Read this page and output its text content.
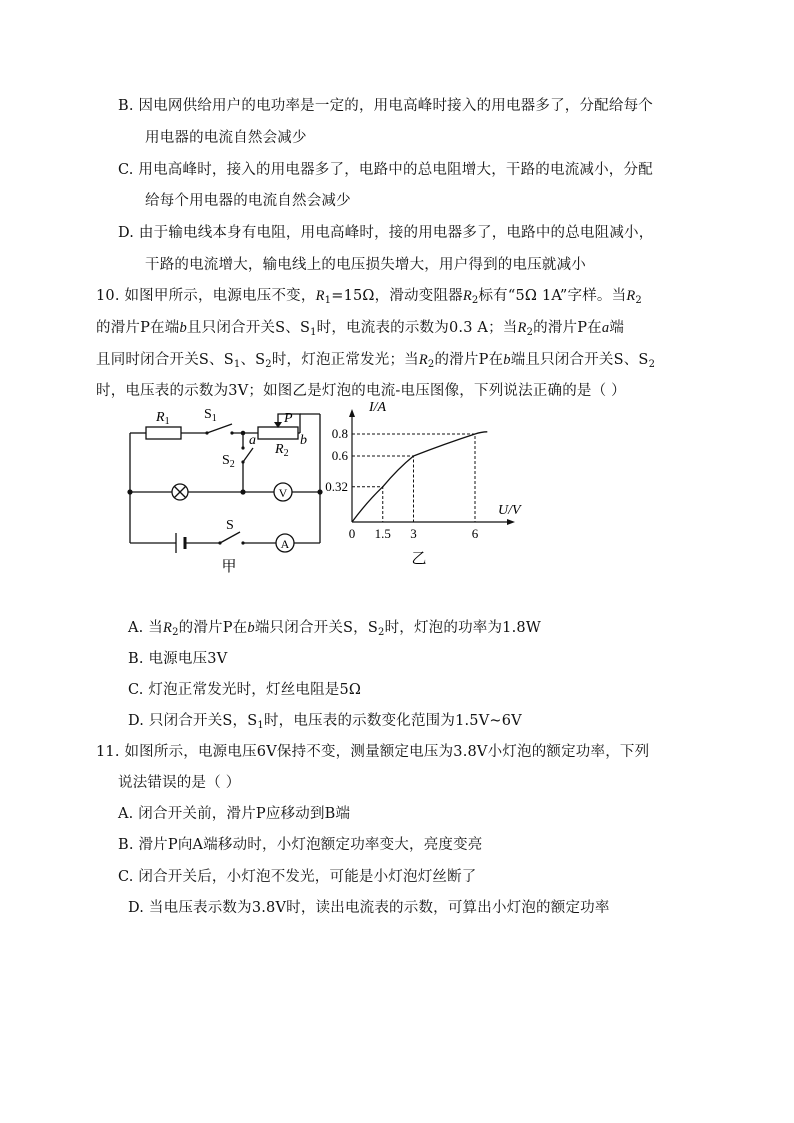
B. 因电网供给用户的电功率是一定的，用电高峰时接入的用电器多了，分配给每个
用电器的电流自然会减少
C. 用电高峰时，接入的用电器多了，电路中的总电阻增大，干路的电流减小，分配
给每个用电器的电流自然会减少
D. 由于输电线本身有电阻，用电高峰时，接的用电器多了，电路中的总电阻减小，
干路的电流增大，输电线上的电压损失增大，用户得到的电压就减小
10. 如图甲所示，电源电压不变，$R_1=15\Omega$，滑动变阻器$R_2$标有“5Ω 1A”字样。当$R_2$
的滑片P在端b且只闭合开关S、$S_1$时，电流表的示数为0.3 A；当$R_2$的滑片P在a端
且同时闭合开关S、$S_1$、$S_2$时，灯泡正常发光；当$R_2$的滑片P在b端且只闭合开关S、$S_2$
时，电压表的示数为3V；如图乙是灯泡的电流-电压图像，下列说法正确的是（ ）
$R_1$ $S_1$	P
a	b
$R_2$
$S_2$
V
S
A
甲
1.5 3	6
0.32
0.6
0.8
I/A
U/V
0
乙
A. 当$R_2$的滑片P在b端只闭合开关S，$S_2$时，灯泡的功率为1.8W
B. 电源电压3V
C. 灯泡正常发光时，灯丝电阻是5Ω
D. 只闭合开关S，$S_1$时，电压表的示数变化范围为1.5V~6V
11. 如图所示，电源电压6V保持不变，测量额定电压为3.8V小灯泡的额定功率，下列
说法错误的是（ ）
A. 闭合开关前，滑片P应移动到B端
B. 滑片P向A端移动时，小灯泡额定功率变大，亮度变亮
C. 闭合开关后，小灯泡不发光，可能是小灯泡灯丝断了
D. 当电压表示数为3.8V时，读出电流表的示数，可算出小灯泡的额定功率
